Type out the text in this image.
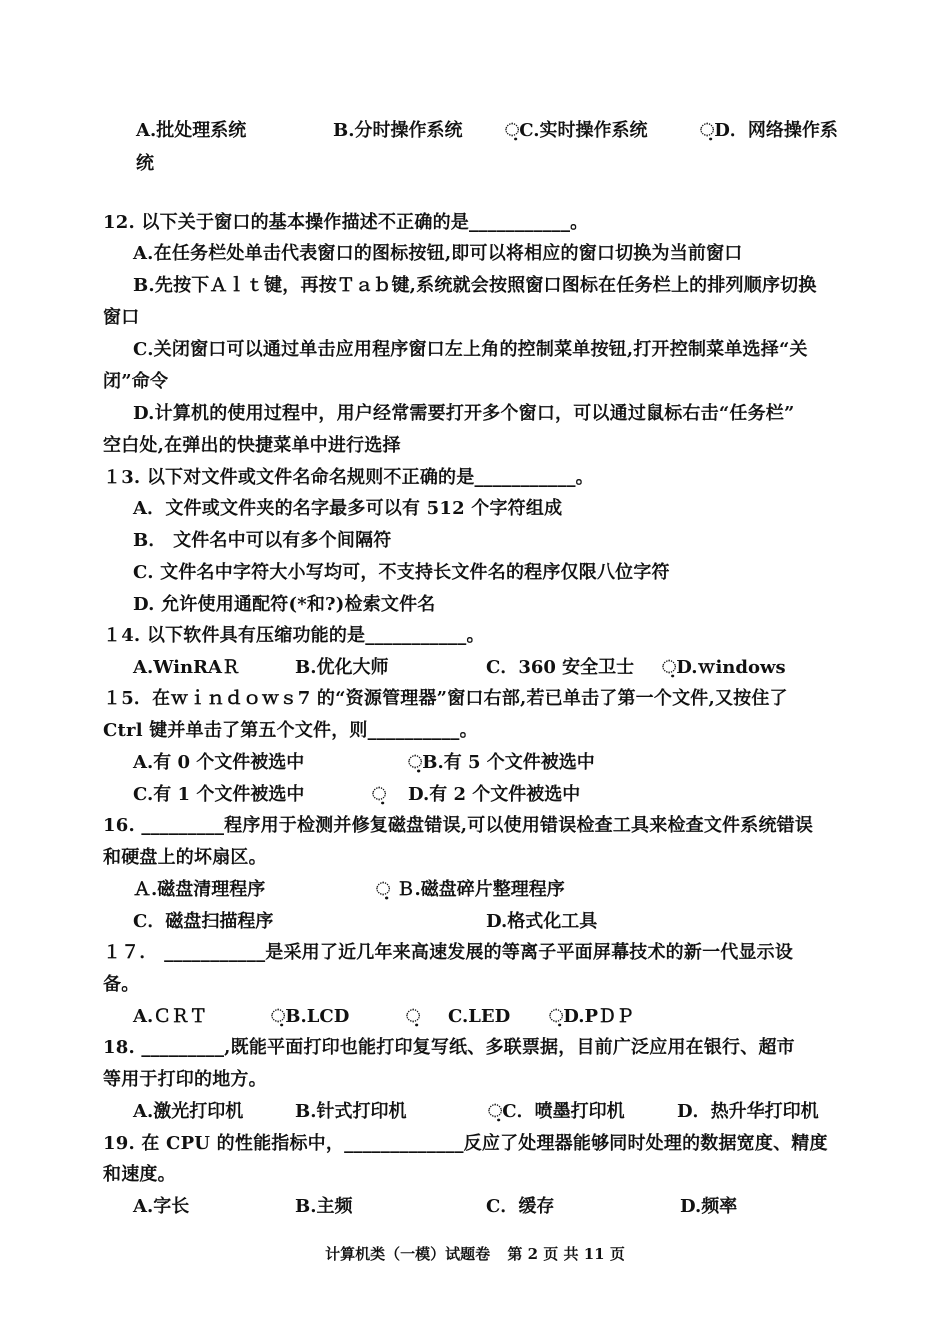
A.批处理系统	B.分时操作系统 ଼C.实时操作系统	଼D．网络操作系
统
12. 以下关于窗口的基本操作描述不正确的是___________。
A.在任务栏处单击代表窗口的图标按钮,即可以将相应的窗口切换为当前窗口
B.先按下Ａｌｔ键，再按Ｔａｂ键,系统就会按照窗口图标在任务栏上的排列顺序切换
窗口
C.关闭窗口可以通过单击应用程序窗口左上角的控制菜单按钮,打开控制菜单选择“关
闭”命令
D.计算机的使用过程中，用户经常需要打开多个窗口，可以通过鼠标右击“任务栏”
空白处,在弹出的快捷菜单中进行选择
１3. 以下对文件或文件名命名规则不正确的是___________。
A．文件或文件夹的名字最多可以有 512 个字符组成
B． 文件名中可以有多个间隔符
C. 文件名中字符大小写均可，不支持长文件名的程序仅限八位字符
D. 允许使用通配符(*和?)检索文件名
１4. 以下软件具有压缩功能的是___________。
A.WinRAＲ	B.优化大师	C．360 安全卫士 ଼D.ｗindows
１5．在ｗｉｎｄｏｗｓ7 的“资源管理器”窗口右部,若已单击了第一个文件,又按住了
Ctrl 键并单击了第五个文件，则__________。
A.有 0 个文件被选中	଼଼B.有 5 个文件被选中
C.有 1 个文件被选中	଼ D.有 2 个文件被选中
16. _________程序用于检测并修复磁盘错误,可以使用错误检查工具来检查文件系统错误
和硬盘上的坏扇区。
Ａ.磁盘清理程序	଼଼ Ｂ.磁盘碎片整理程序
C．磁盘扫描程序	D.格式化工具
１７． ___________是采用了近几年来高速发展的等离子平面屏幕技术的新一代显示设
备。
A.ＣＲＴ	଼B.LCD	଼ C.LED ଼D.PＤＰ
18. _________,既能平面打印也能打印复写纸、多联票据，目前广泛应用在银行、超市
等用于打印的地方。
A.激光打印机	B.针式打印机	଼C．喷墨打印机	D．热升华打印机
19. 在 CPU 的性能指标中，_____________反应了处理器能够同时处理的数据宽度、精度
和速度。
A.字长	B.主频	C．缓存	D.频率
计算机类（一模）试题卷 第 2 页 共 11 页
